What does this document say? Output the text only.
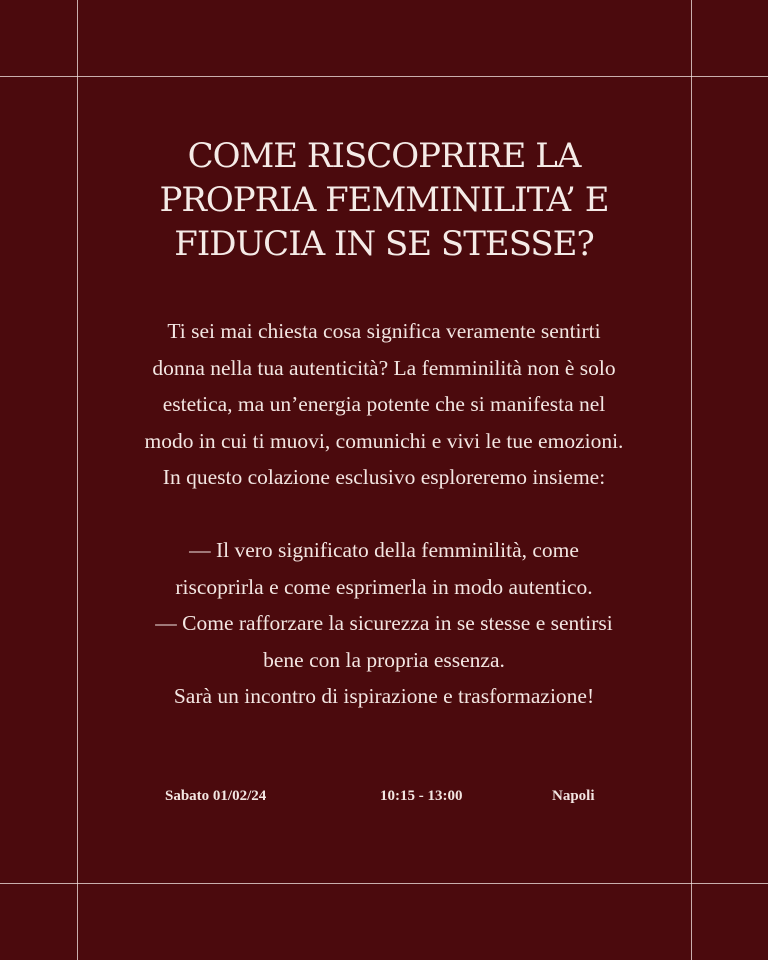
COME RISCOPRIRE LA
PROPRIA FEMMINILITA’ E
FIDUCIA IN SE STESSE?
Ti sei mai chiesta cosa significa veramente sentirti
donna nella tua autenticità? La femminilità non è solo
estetica, ma un’energia potente che si manifesta nel
modo in cui ti muovi, comunichi e vivi le tue emozioni.
In questo colazione esclusivo esploreremo insieme:
— Il vero significato della femminilità, come
riscoprirla e come esprimerla in modo autentico.
— Come rafforzare la sicurezza in se stesse e sentirsi
bene con la propria essenza.
Sarà un incontro di ispirazione e trasformazione!
Sabato 01/02/24	10:15 - 13:00	Napoli
